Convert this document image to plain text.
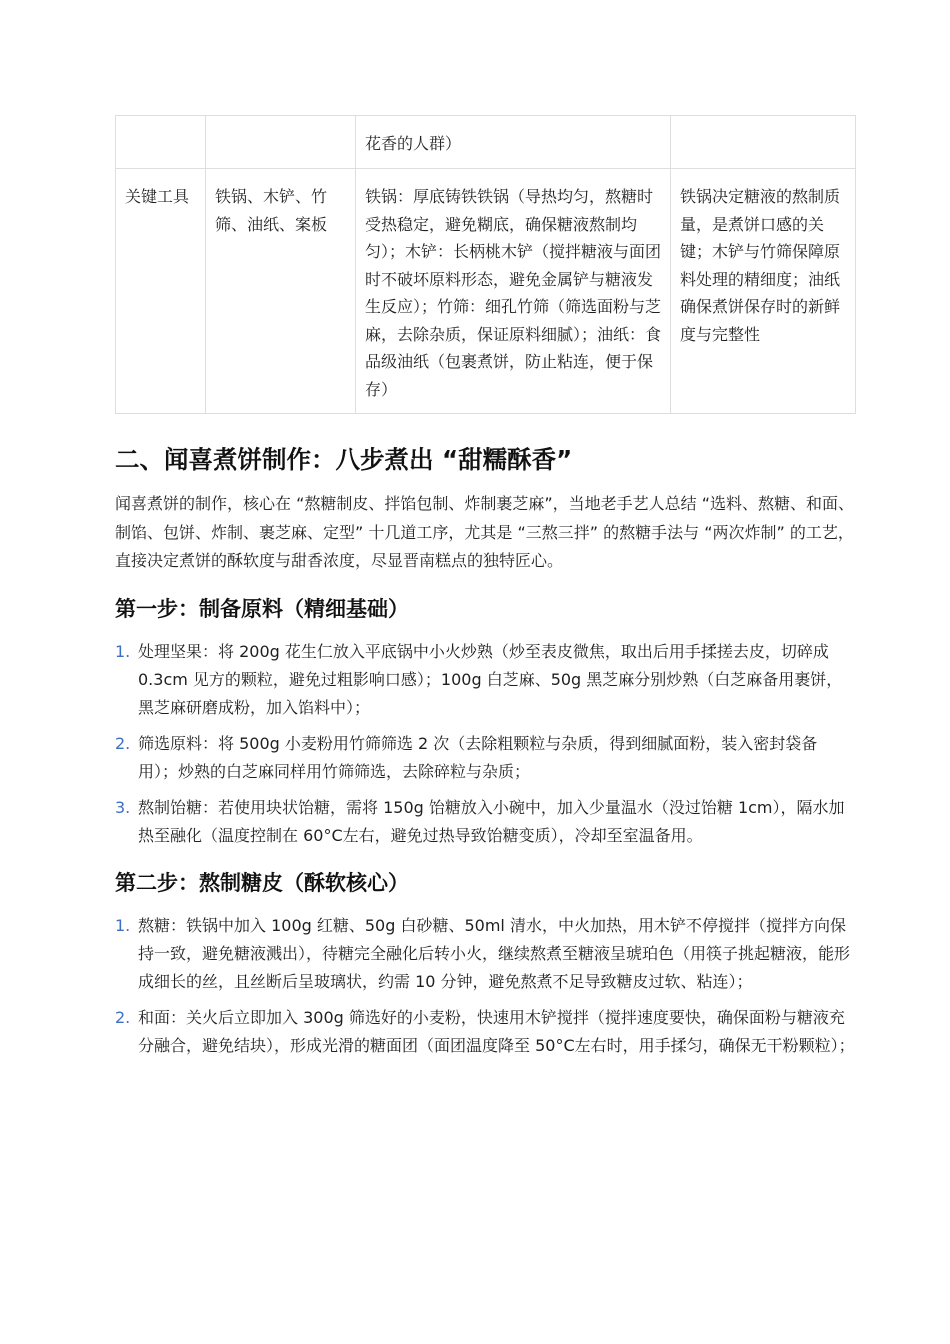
		花香的人群）	
关键工具	铁锅、木铲、竹筛、油纸、案板	铁锅：厚底铸铁铁锅（导热均匀，熬糖时受热稳定，避免糊底，确保糖液熬制均匀）；木铲：长柄桃木铲（搅拌糖液与面团时不破坏原料形态，避免金属铲与糖液发生反应）；竹筛：细孔竹筛（筛选面粉与芝麻，去除杂质，保证原料细腻）；油纸：食品级油纸（包裹煮饼，防止粘连，便于保存）	铁锅决定糖液的熬制质量，是煮饼口感的关键；木铲与竹筛保障原料处理的精细度；油纸确保煮饼保存时的新鲜度与完整性
二、闻喜煮饼制作：八步煮出 “甜糯酥香”

闻喜煮饼的制作，核心在 “熬糖制皮、拌馅包制、炸制裹芝麻”，当地老手艺人总结 “选料、熬糖、和面、制馅、包饼、炸制、裹芝麻、定型” 十几道工序，尤其是 “三熬三拌” 的熬糖手法与 “两次炸制” 的工艺，直接决定煮饼的酥软度与甜香浓度，尽显晋南糕点的独特匠心。

第一步：制备原料（精细基础）
1. 处理坚果：将 200g 花生仁放入平底锅中小火炒熟（炒至表皮微焦，取出后用手揉搓去皮，切碎成 0.3cm 见方的颗粒，避免过粗影响口感）；100g 白芝麻、50g 黑芝麻分别炒熟（白芝麻备用裹饼，黑芝麻研磨成粉，加入馅料中）；
2. 筛选原料：将 500g 小麦粉用竹筛筛选 2 次（去除粗颗粒与杂质，得到细腻面粉，装入密封袋备用）；炒熟的白芝麻同样用竹筛筛选，去除碎粒与杂质；
3. 熬制饴糖：若使用块状饴糖，需将 150g 饴糖放入小碗中，加入少量温水（没过饴糖 1cm），隔水加热至融化（温度控制在 60°C左右，避免过热导致饴糖变质），冷却至室温备用。
第二步：熬制糖皮（酥软核心）
1. 熬糖：铁锅中加入 100g 红糖、50g 白砂糖、50ml 清水，中火加热，用木铲不停搅拌（搅拌方向保持一致，避免糖液溅出），待糖完全融化后转小火，继续熬煮至糖液呈琥珀色（用筷子挑起糖液，能形成细长的丝，且丝断后呈玻璃状，约需 10 分钟，避免熬煮不足导致糖皮过软、粘连）；
2. 和面：关火后立即加入 300g 筛选好的小麦粉，快速用木铲搅拌（搅拌速度要快，确保面粉与糖液充分融合，避免结块），形成光滑的糖面团（面团温度降至 50°C左右时，用手揉匀，确保无干粉颗粒）；
